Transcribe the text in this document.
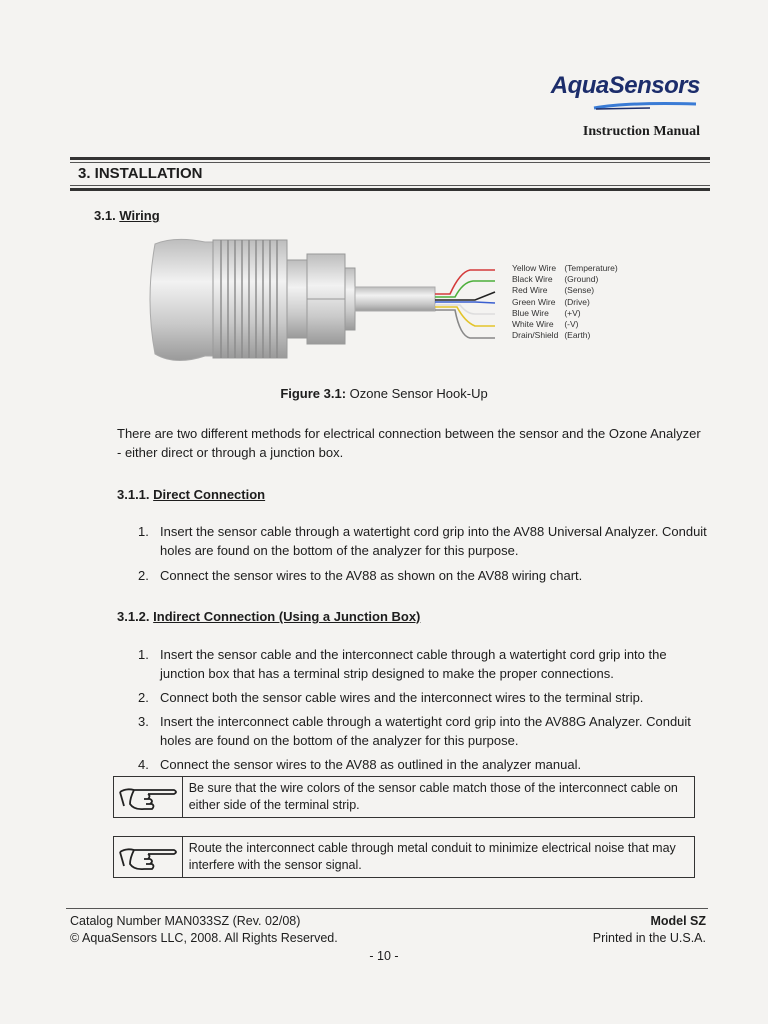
AquaSensors
Instruction Manual
3. INSTALLATION
3.1. Wiring
Yellow Wire	(Temperature)
Black Wire	(Ground)
Red Wire	(Sense)
Green Wire	(Drive)
Blue Wire	(+V)
White Wire	(-V)
Drain/Shield	(Earth)
Figure 3.1: Ozone Sensor Hook-Up
There are two different methods for electrical connection between the sensor and the Ozone Analyzer - either direct or through a junction box.
3.1.1. Direct Connection
1. Insert the sensor cable through a watertight cord grip into the AV88 Universal Analyzer. Conduit holes are found on the bottom of the analyzer for this purpose.
2. Connect the sensor wires to the AV88 as shown on the AV88 wiring chart.
3.1.2. Indirect Connection (Using a Junction Box)
1. Insert the sensor cable and the interconnect cable through a watertight cord grip into the junction box that has a terminal strip designed to make the proper connections.
2. Connect both the sensor cable wires and the interconnect wires to the terminal strip.
3. Insert the interconnect cable through a watertight cord grip into the AV88G Analyzer. Conduit holes are found on the bottom of the analyzer for this purpose.
4. Connect the sensor wires to the AV88 as outlined in the analyzer manual.
Be sure that the wire colors of the sensor cable match those of the interconnect cable on either side of the terminal strip.
Route the interconnect cable through metal conduit to minimize electrical noise that may interfere with the sensor signal.
Catalog Number MAN033SZ (Rev. 02/08)
© AquaSensors LLC, 2008. All Rights Reserved.
Model SZ
Printed in the U.S.A.
- 10 -
